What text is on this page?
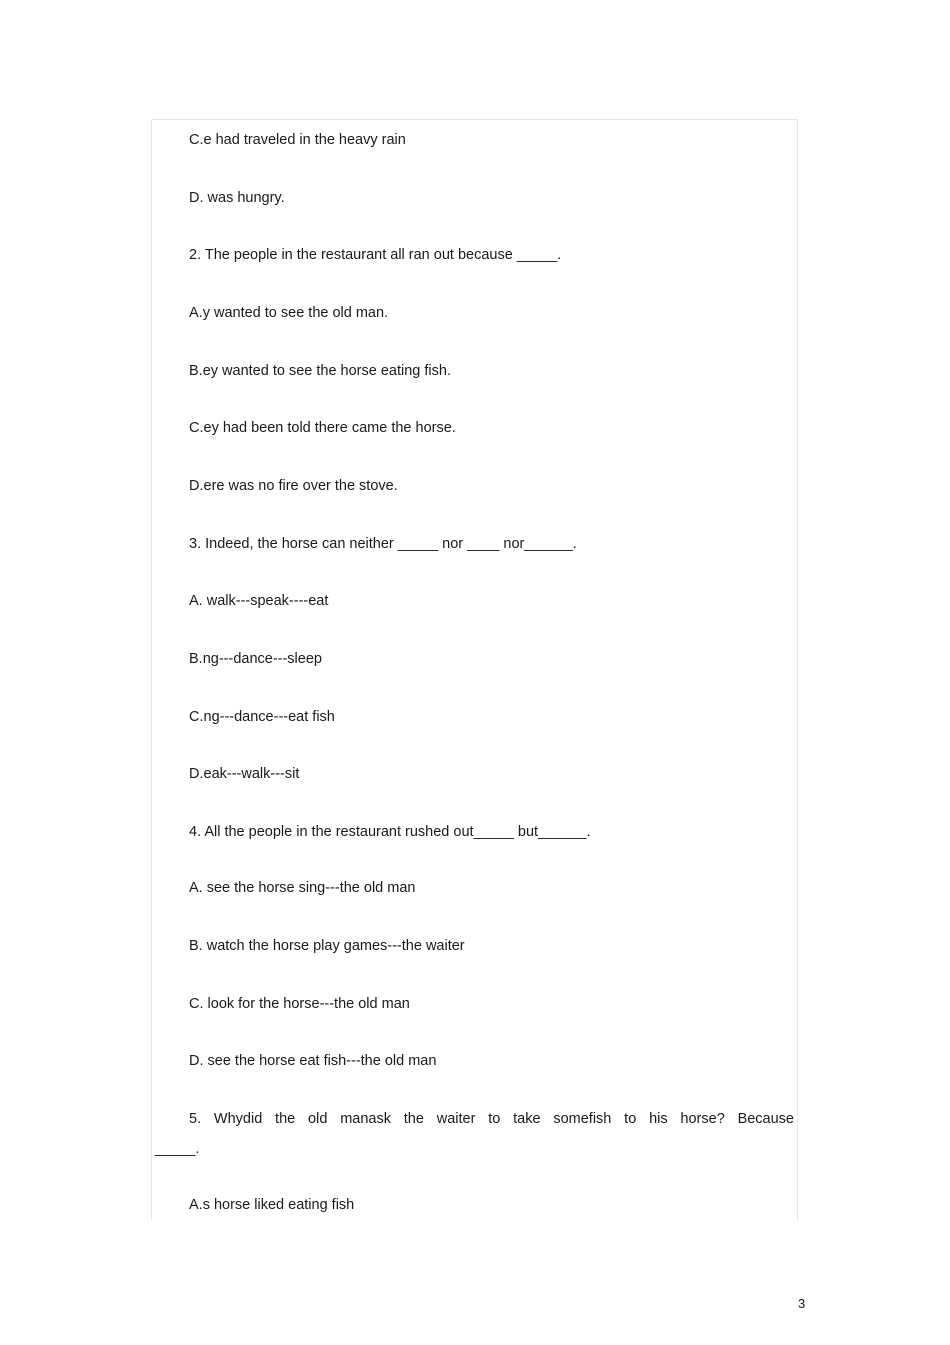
C.e had traveled in the heavy rain
D. was hungry.
2. The people in the restaurant all ran out because _____.
A.y wanted to see the old man.
B.ey wanted to see the horse eating fish.
C.ey had been told there came the horse.
D.ere was no fire over the stove.
3. Indeed, the horse can neither _____ nor ____ nor______.
A. walk---speak----eat
B.ng---dance---sleep
C.ng---dance---eat fish
D.eak---walk---sit
4. All the people in the restaurant rushed out_____ but______.
A. see the horse sing---the old man
B. watch the horse play games---the waiter
C. look for the horse---the old man
D. see the horse eat fish---the old man
5. Whydid the old manask the waiter to take somefish to his horse? Because
_____.
A.s horse liked eating fish
3
